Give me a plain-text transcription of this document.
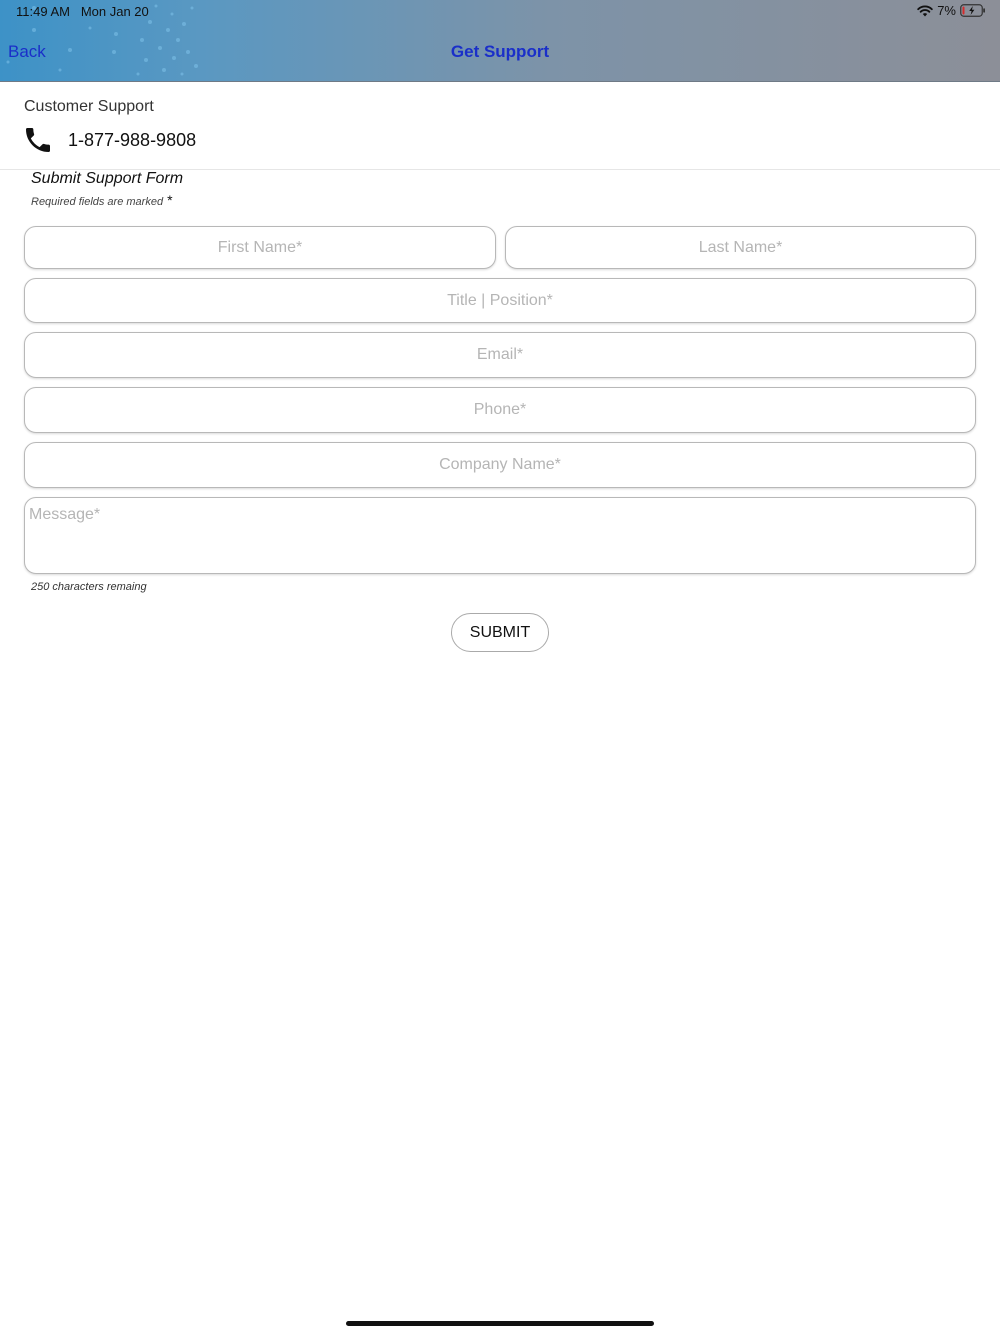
11:49 AM Mon Jan 20	7%
Back	Get Support
Customer Support
1-877-988-9808
Submit Support Form
Required fields are marked *
First Name*
Last Name*
Title | Position*
Email*
Phone*
Company Name*
Message*
250 characters remaing
SUBMIT
